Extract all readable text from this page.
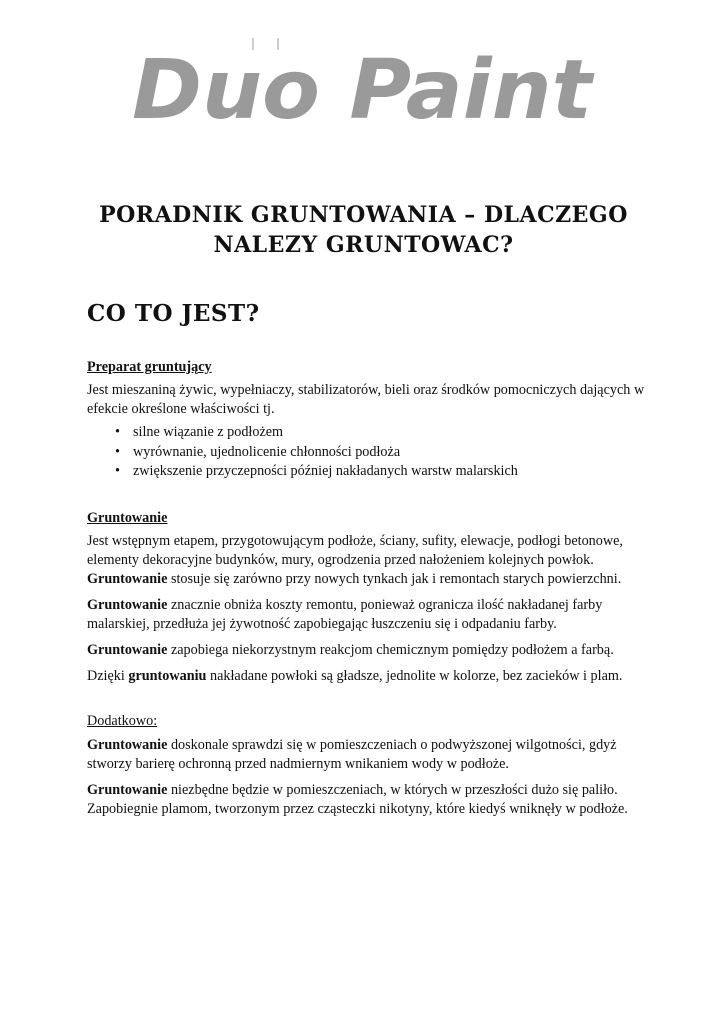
Duo Paint
PORADNIK GRUNTOWANIA – DLACZEGO NALEZY GRUNTOWAC?
CO TO JEST?
Preparat gruntujący

Jest mieszaniną żywic, wypełniaczy, stabilizatorów, bieli oraz środków pomocniczych dających w efekcie określone właściwości tj.

• silne wiązanie z podłożem
• wyrównanie, ujednolicenie chłonności podłoża
• zwiększenie przyczepności później nakładanych warstw malarskich
Gruntowanie

Jest wstępnym etapem, przygotowującym podłoże, ściany, sufity, elewacje, podłogi betonowe, elementy dekoracyjne budynków, mury, ogrodzenia przed nałożeniem kolejnych powłok. Gruntowanie stosuje się zarówno przy nowych tynkach jak i remontach starych powierzchni.

Gruntowanie znacznie obniża koszty remontu, ponieważ ogranicza ilość nakładanej farby malarskiej, przedłuża jej żywotność zapobiegając łuszczeniu się i odpadaniu farby.

Gruntowanie zapobiega niekorzystnym reakcjom chemicznym pomiędzy podłożem a farbą.

Dzięki gruntowaniu nakładane powłoki są gładsze, jednolite w kolorze, bez zacieków i plam.

Dodatkowo:

Gruntowanie doskonale sprawdzi się w pomieszczeniach o podwyższonej wilgotności, gdyż stworzy barierę ochronną przed nadmiernym wnikaniem wody w podłoże.

Gruntowanie niezbędne będzie w pomieszczeniach, w których w przeszłości dużo się paliło. Zapobiegnie plamom, tworzonym przez cząsteczki nikotyny, które kiedyś wniknęły w podłoże.
